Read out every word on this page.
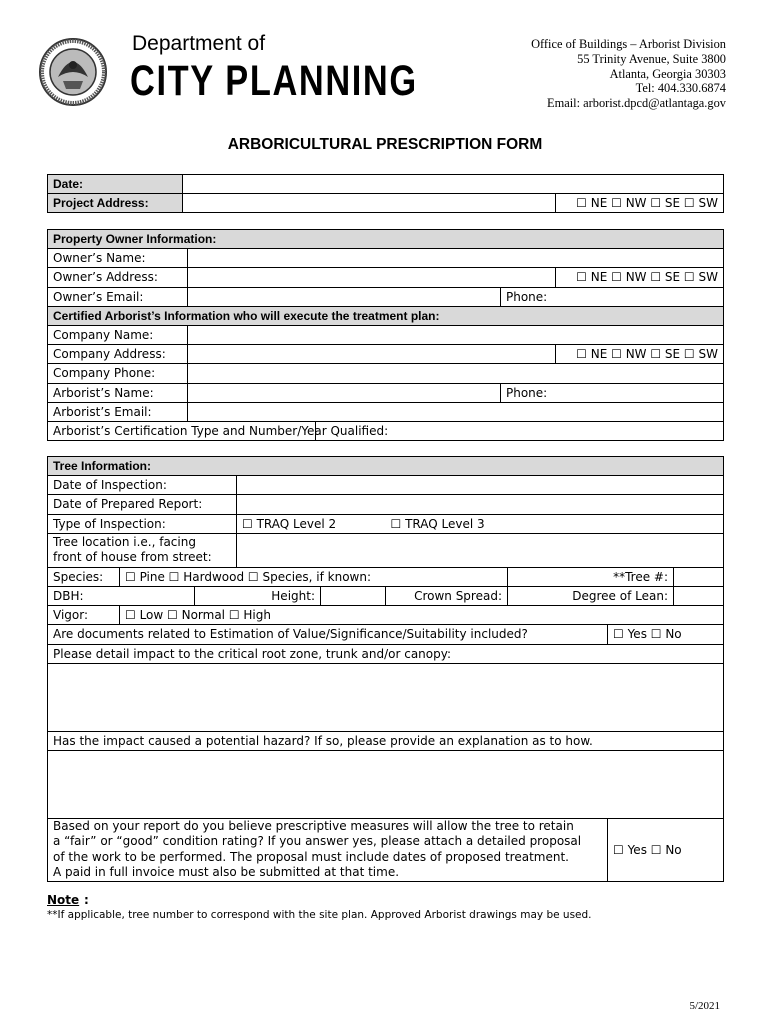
Department of
CITY PLANNING
Office of Buildings – Arborist Division
55 Trinity Avenue, Suite 3800
Atlanta, Georgia 30303
Tel: 404.330.6874
Email: arborist.dpcd@atlantaga.gov
ARBORICULTURAL PRESCRIPTION FORM
Date:		
Project Address:		☐ NE ☐ NW ☐ SE ☐ SW
Property Owner Information:				
Owner’s Name:				
Owner’s Address:				☐ NE ☐ NW ☐ SE ☐ SW
Owner’s Email:			Phone:	
Certified Arborist’s Information who will execute the treatment plan:				
Company Name:				
Company Address:				☐ NE ☐ NW ☐ SE ☐ SW
Company Phone:				
Arborist’s Name:			Phone:	
Arborist’s Email:				
Arborist’s Certification Type and Number/Year Qualified:				
Tree Information:								
Date of Inspection:								
Date of Prepared Report:								
Type of Inspection:			☐ TRAQ Level 2		☐ TRAQ Level 3			

Tree location i.e., facing
front of house from street:								

Species:	☐ Pine ☐ Hardwood ☐ Species, if known:					**Tree #:		
DBH:		Height:			Crown Spread:	Degree of Lean:		
Vigor:	☐ Low ☐ Normal ☐ High							
Are documents related to Estimation of Value/Significance/Suitability included?							☐ Yes ☐ No	
Please detail impact to the critical root zone, trunk and/or canopy:								

Has the impact caused a potential hazard? If so, please provide an explanation as to how.								

Based on your report do you believe prescriptive measures will allow the tree to retain
a “fair” or “good” condition rating? If you answer yes, please attach a detailed proposal
of the work to be performed. The proposal must include dates of proposed treatment.
A paid in full invoice must also be submitted at that time.							☐ Yes ☐ No	
Note :
**If applicable, tree number to correspond with the site plan. Approved Arborist drawings may be used.
5/2021
